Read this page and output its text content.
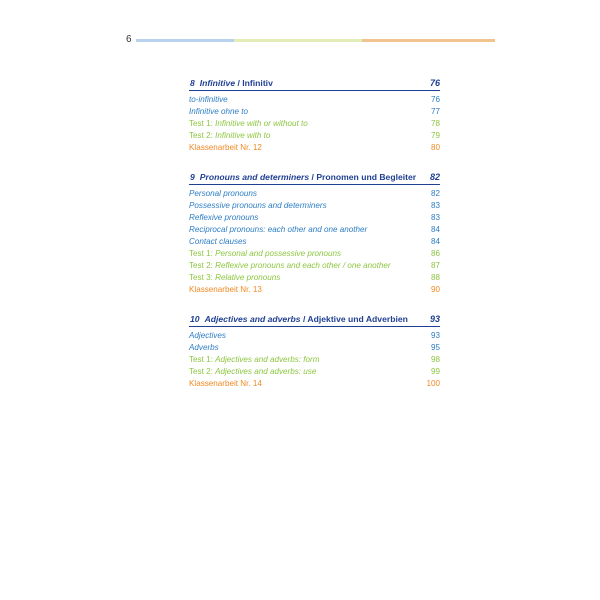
6
8 Infinitive / Infinitiv	76
to-infinitive	76
Infinitive ohne to	77
Test 1: Infinitive with or without to	78
Test 2: Infinitive with to	79
Klassenarbeit Nr. 12	80
9 Pronouns and determiners / Pronomen und Begleiter 82
Personal pronouns	82
Possessive pronouns and determiners	83
Reflexive pronouns	83
Reciprocal pronouns: each other and one another	84
Contact clauses	84
Test 1: Personal and possessive pronouns	86
Test 2: Reflexive pronouns and each other / one another	87
Test 3: Relative pronouns	88
Klassenarbeit Nr. 13	90
10 Adjectives and adverbs / Adjektive und Adverbien 93
Adjectives	93
Adverbs	95
Test 1: Adjectives and adverbs: form	98
Test 2: Adjectives and adverbs: use	99
Klassenarbeit Nr. 14	100
